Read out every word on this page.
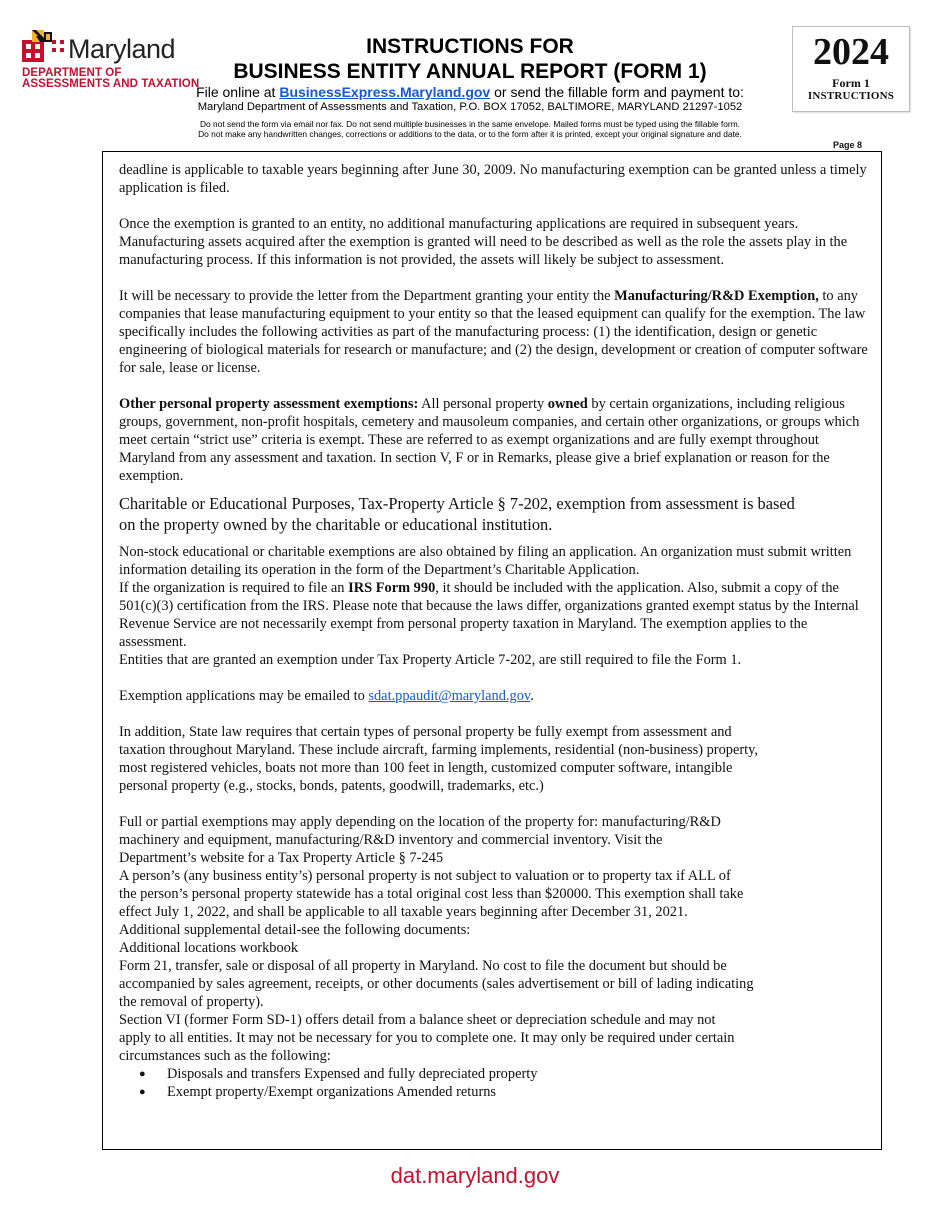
Maryland
DEPARTMENT OF
ASSESSMENTS AND TAXATION
INSTRUCTIONS FOR
BUSINESS ENTITY ANNUAL REPORT (FORM 1)
File online at BusinessExpress.Maryland.gov or send the fillable form and payment to:
Maryland Department of Assessments and Taxation, P.O. BOX 17052, BALTIMORE, MARYLAND 21297-1052
Do not send the form via email nor fax. Do not send multiple businesses in the same envelope. Mailed forms must be typed using the fillable form.
Do not make any handwritten changes, corrections or additions to the data, or to the form after it is printed, except your original signature and date.
2024
Form 1
INSTRUCTIONS
Page 8

deadline is applicable to taxable years beginning after June 30, 2009. No manufacturing exemption can be granted unless a timely application is filed.

Once the exemption is granted to an entity, no additional manufacturing applications are required in subsequent years. Manufacturing assets acquired after the exemption is granted will need to be described as well as the role the assets play in the manufacturing process. If this information is not provided, the assets will likely be subject to assessment.

It will be necessary to provide the letter from the Department granting your entity the Manufacturing/R&D Exemption, to any companies that lease manufacturing equipment to your entity so that the leased equipment can qualify for the exemption. The law specifically includes the following activities as part of the manufacturing process: (1) the identification, design or genetic engineering of biological materials for research or manufacture; and (2) the design, development or creation of computer software for sale, lease or license.

Other personal property assessment exemptions: All personal property owned by certain organizations, including religious groups, government, non-profit hospitals, cemetery and mausoleum companies, and certain other organizations, or groups which meet certain “strict use” criteria is exempt. These are referred to as exempt organizations and are fully exempt throughout Maryland from any assessment and taxation. In section V, F or in Remarks, please give a brief explanation or reason for the exemption.

Charitable or Educational Purposes, Tax-Property Article § 7-202, exemption from assessment is based

on the property owned by the charitable or educational institution.

Non-stock educational or charitable exemptions are also obtained by filing an application. An organization must submit written information detailing its operation in the form of the Department’s Charitable Application.

If the organization is required to file an IRS Form 990, it should be included with the application. Also, submit a copy of the 501(c)(3) certification from the IRS. Please note that because the laws differ, organizations granted exempt status by the Internal Revenue Service are not necessarily exempt from personal property taxation in Maryland. The exemption applies to the assessment.

Entities that are granted an exemption under Tax Property Article 7-202, are still required to file the Form 1.

Exemption applications may be emailed to sdat.ppaudit@maryland.gov.

In addition, State law requires that certain types of personal property be fully exempt from assessment and taxation throughout Maryland. These include aircraft, farming implements, residential (non-business) property, most registered vehicles, boats not more than 100 feet in length, customized computer software, intangible personal property (e.g., stocks, bonds, patents, goodwill, trademarks, etc.)

Full or partial exemptions may apply depending on the location of the property for: manufacturing/R&D machinery and equipment, manufacturing/R&D inventory and commercial inventory. Visit the Department’s website for a Tax Property Article § 7-245

A person’s (any business entity’s) personal property is not subject to valuation or to property tax if ALL of the person’s personal property statewide has a total original cost less than $20000. This exemption shall take effect July 1, 2022, and shall be applicable to all taxable years beginning after December 31, 2021.

Additional supplemental detail-see the following documents:

Additional locations workbook

Form 21, transfer, sale or disposal of all property in Maryland. No cost to file the document but should be accompanied by sales agreement, receipts, or other documents (sales advertisement or bill of lading indicating the removal of property).

Section VI (former Form SD-1) offers detail from a balance sheet or depreciation schedule and may not apply to all entities. It may not be necessary for you to complete one. It may only be required under certain circumstances such as the following:

● Disposals and transfers Expensed and fully depreciated property
● Exempt property/Exempt organizations Amended returns
dat.maryland.gov
